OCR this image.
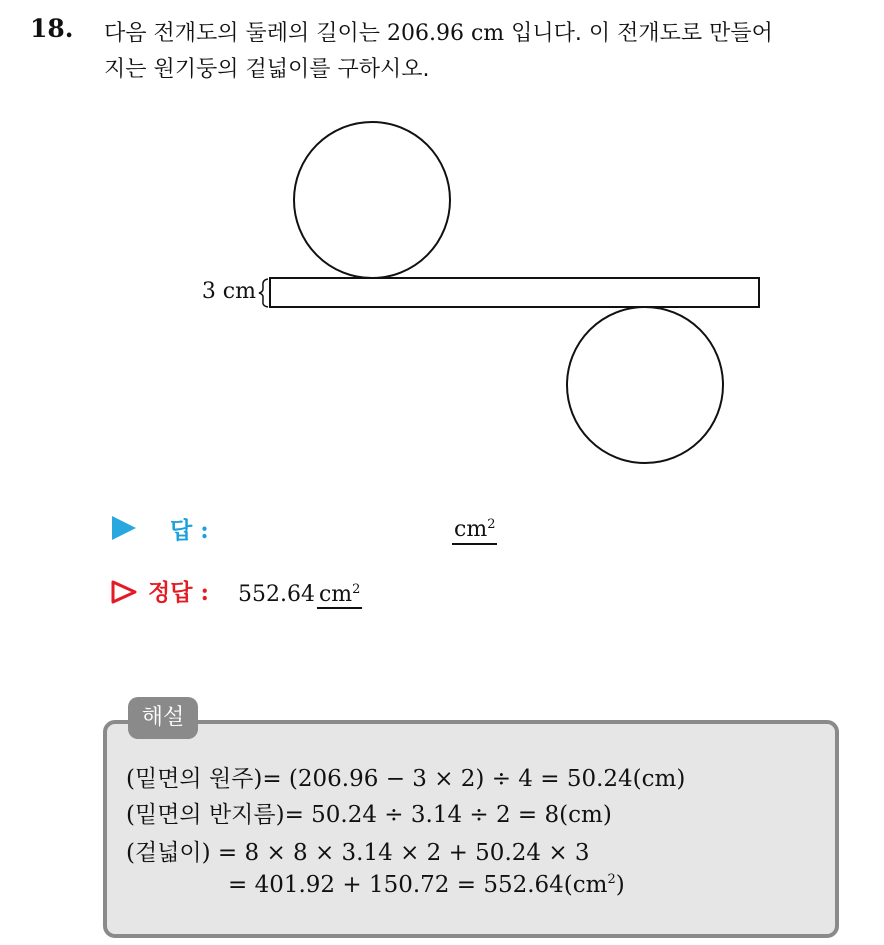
18. 다음 전개도의 둘레의 길이는 206.96 cm 입니다. 이 전개도로 만들어
지는 원기둥의 겉넓이를 구하시오.
3 cm
답 :	$cm^2$
정답 : 552.64 $cm^2$
해설
(밑면의 원주)= (206.96 − 3 × 2) ÷ 4 = 50.24(cm)
(밑면의 반지름)= 50.24 ÷ 3.14 ÷ 2 = 8(cm)
(겉넓이) = 8 × 8 × 3.14 × 2 + 50.24 × 3
= $401.92 + 150.72 = 552.64(cm^2)$
